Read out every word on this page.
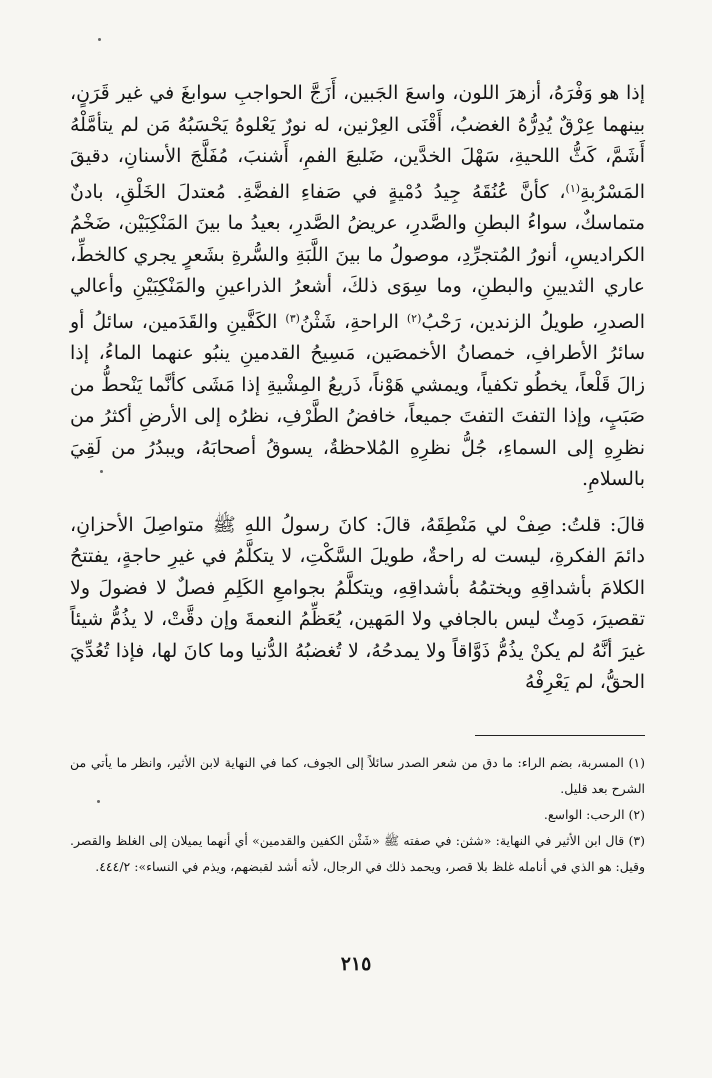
إذا هو وَفْرَهُ، أزهرَ اللون، واسعَ الجَبين، أَزَجَّ الحواجبِ سوابغَ في غير قَرَنٍ، بينهما عِرْقٌ يُدِرُّهُ الغضبُ، أَقْنَى العِرْنين، له نورٌ يَعْلوهُ يَحْسَبُهُ مَن لم يتأمَّلْهُ أَشَمَّ، كَثُّ اللحيةِ، سَهْلَ الخدَّين، ضَليعَ الفمِ، أَشنبَ، مُفَلَّجَ الأسنانِ، دقيقَ المَسْرُبةِ$^{(١)}$، كأنَّ عُنُقَهُ جِيدُ دُمْيةٍ في صَفاءِ الفضَّةِ. مُعتدلَ الخَلْقِ، بادنٌ متماسكٌ، سواءُ البطنِ والصَّدرِ، عريضُ الصَّدرِ، بعيدُ ما بينَ المَنْكِبَيْن، ضَخْمُ الكراديسِ، أنورُ المُتجرِّدِ، موصولُ ما بينَ اللَّبَةِ والسُّرةِ بشَعرٍ يجري كالخطِّ، عاري الثديينِ والبطنِ، وما سِوَى ذلكَ، أشعرُ الذراعينِ والمَنْكِبَيْنِ وأعالي الصدرِ، طويلُ الزندين، رَحْبُ$^{(٢)}$ الراحةِ، شَثْنُ$^{(٣)}$ الكَفَّينِ والقَدَمين، سائلُ أو سائرُ الأطرافِ، خمصانُ الأخمصَين، مَسِيحُ القدمينِ ينبُو عنهما الماءُ، إذا زالَ قَلْعاً، يخطُو تكفياً، ويمشي هَوْناً، ذَريعُ المِشْيةِ إذا مَشَى كأنَّما يَنْحطُّ من صَبَبٍ، وإذا التفتَ التفتَ جميعاً، خافضُ الطَّرْفِ، نظرُه إلى الأرضِ أكثرُ من نظرِهِ إلى السماءِ، جُلُّ نظرِهِ المُلاحظةُ، يسوقُ أصحابَهُ، ويبدُرُ من لَقِيَ بالسلامِ.

قالَ: قلتُ: صِفْ لي مَنْطِقَهُ، قالَ: كانَ رسولُ اللهِ ﷺ متواصِلَ الأحزانِ، دائمَ الفكرةِ، ليست له راحةٌ، طويلَ السَّكْتِ، لا يتكلَّمُ في غيرِ حاجةٍ، يفتتحُ الكلامَ بأشداقِهِ ويختمُهُ بأشداقِهِ، ويتكلَّمُ بجوامعِ الكَلِمِ فصلٌ لا فضولَ ولا تقصيرَ، دَمِثٌ ليس بالجافي ولا المَهين، يُعَظِّمُ النعمةَ وإن دقَّتْ، لا يذُمُّ شيئاً غيرَ أنَّهُ لم يكنْ يذُمُّ ذَوَّاقاً ولا يمدحُهُ، لا تُغضبُهُ الدُّنيا وما كانَ لها، فإذا تُعُدِّيَ الحقُّ، لم يَعْرِفْهُ

(١) المسربة، بضم الراء: ما دق من شعر الصدر سائلاً إلى الجوف، كما في النهاية لابن الأثير، وانظر ما يأتي من الشرح بعد قليل.

(٢) الرحب: الواسع.

(٣) قال ابن الأثير في النهاية: «شثن: في صفته ﷺ «شَثْن الكفين والقدمين» أي أنهما يميلان إلى الغلظ والقصر. وقيل: هو الذي في أنامله غلظ بلا قصر، ويحمد ذلك في الرجال، لأنه أشد لقبضهم، ويذم في النساء»: ٤٤٤/٢.

٢١٥
